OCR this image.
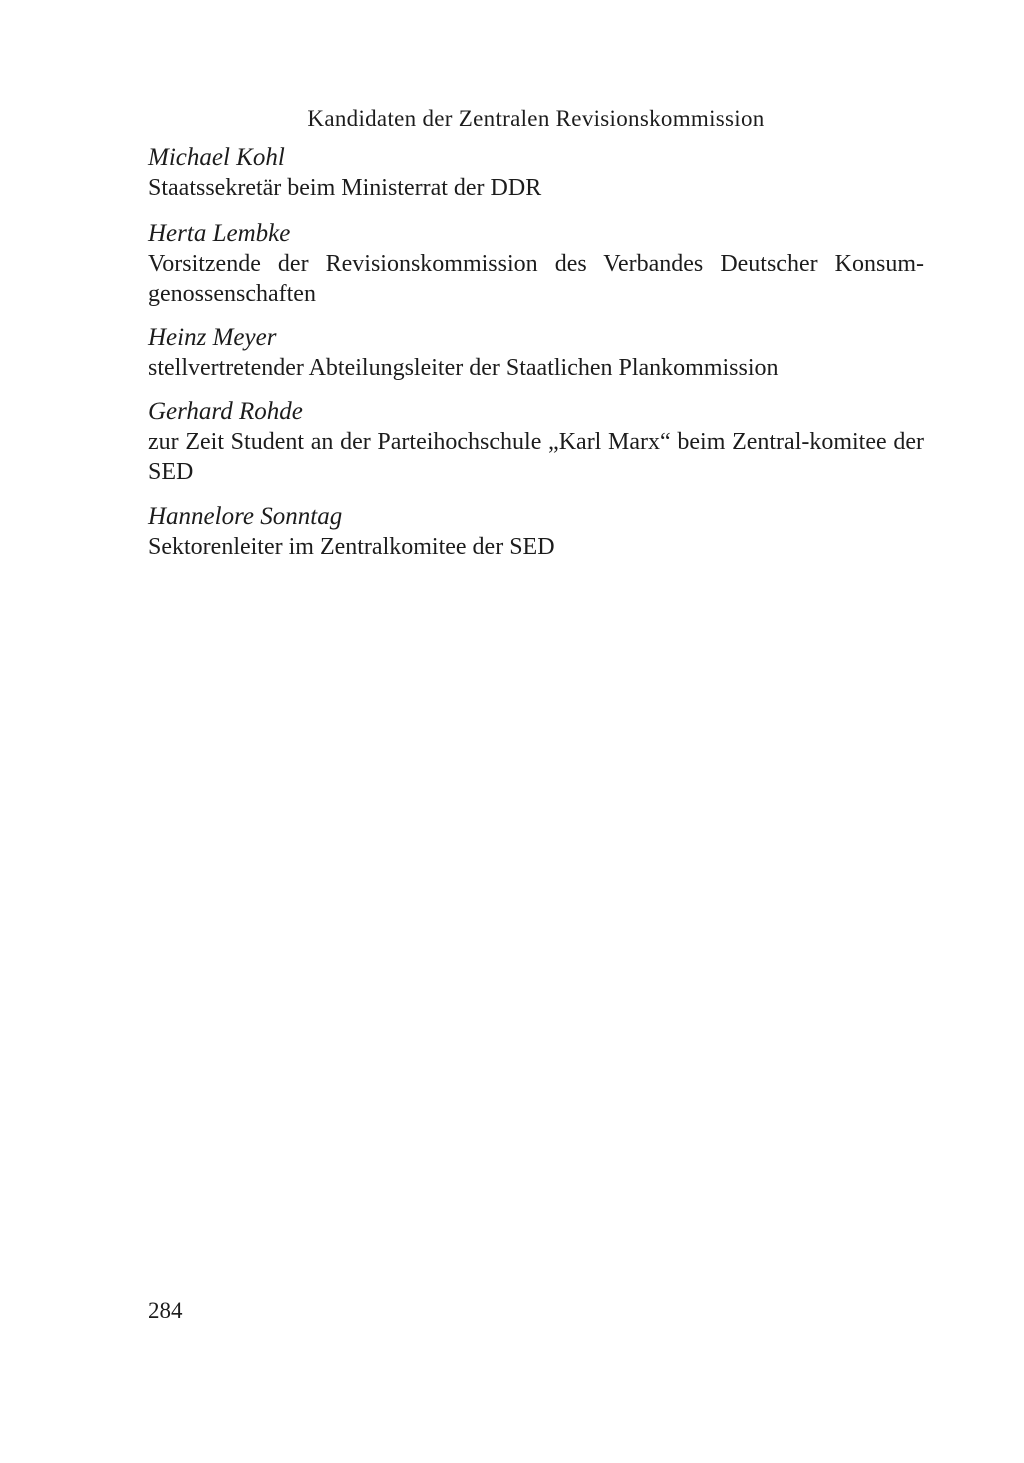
Kandidaten der Zentralen Revisionskommission
Michael Kohl
Staatssekretär beim Ministerrat der DDR
Herta Lembke
Vorsitzende der Revisionskommission des Verbandes Deutscher Konsum-genossenschaften
Heinz Meyer
stellvertretender Abteilungsleiter der Staatlichen Plankommission
Gerhard Rohde
zur Zeit Student an der Parteihochschule „Karl Marx“ beim Zentral-komitee der SED
Hannelore Sonntag
Sektorenleiter im Zentralkomitee der SED
284
